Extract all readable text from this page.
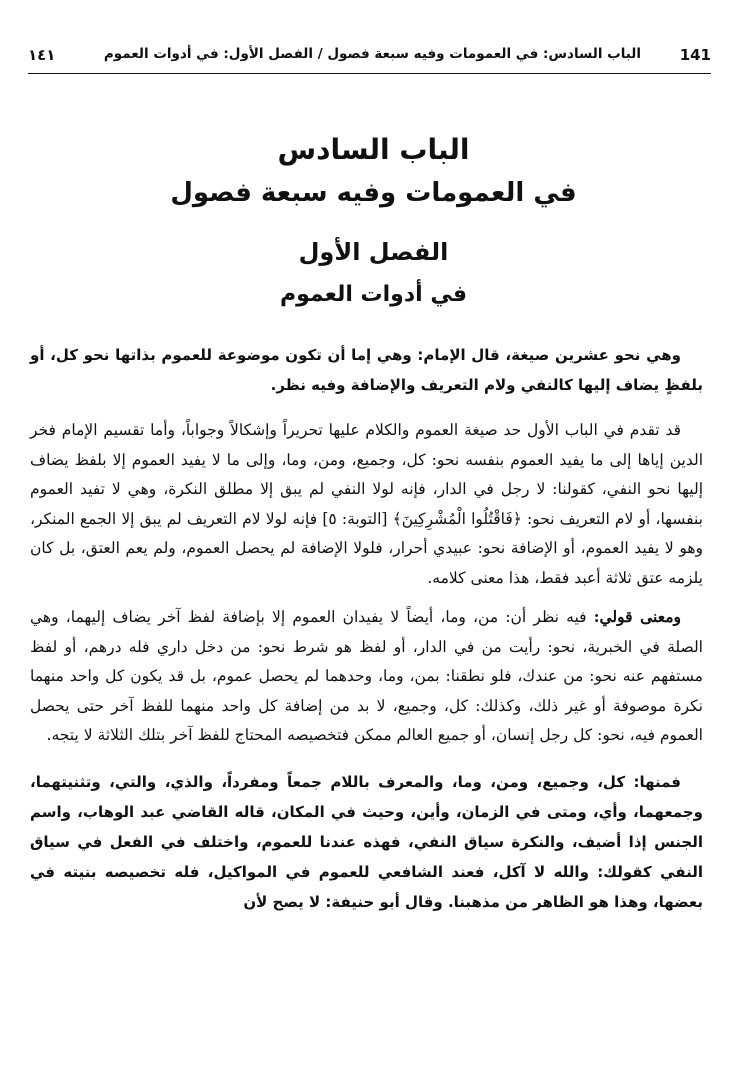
١٤١	الباب السادس: في العمومات وفيه سبعة فصول / الفصل الأول: في أدوات العموم	141
الباب السادس
في العمومات وفيه سبعة فصول
الفصل الأول
في أدوات العموم

وهي نحو عشرين صيغة، قال الإمام: وهي إما أن تكون موضوعة للعموم بذاتها نحو كل، أو بلفظٍ يضاف إليها كالنفي ولام التعريف والإضافة وفيه نظر.

قد تقدم في الباب الأول حد صيغة العموم والكلام عليها تحريراً وإشكالاً وجواباً، وأما تقسيم الإمام فخر الدين إياها إلى ما يفيد العموم بنفسه نحو: كل، وجميع، ومن، وما، وإلى ما لا يفيد العموم إلا بلفظ يضاف إليها نحو النفي، كقولنا: لا رجل في الدار، فإنه لولا النفي لم يبق إلا مطلق النكرة، وهي لا تفيد العموم بنفسها، أو لام التعريف نحو: ﴿فَاقْتُلُوا الْمُشْرِكِينَ﴾ [التوبة: ٥] فإنه لولا لام التعريف لم يبق إلا الجمع المنكر، وهو لا يفيد العموم، أو الإضافة نحو: عبيدي أحرار، فلولا الإضافة لم يحصل العموم، ولم يعم العتق، بل كان يلزمه عتق ثلاثة أعبد فقط، هذا معنى كلامه.

ومعنى قولي: فيه نظر أن: من، وما، أيضاً لا يفيدان العموم إلا بإضافة لفظ آخر يضاف إليهما، وهي الصلة في الخبرية، نحو: رأيت من في الدار، أو لفظ هو شرط نحو: من دخل داري فله درهم، أو لفظ مستفهم عنه نحو: من عندك، فلو نطقنا: بمن، وما، وحدهما لم يحصل عموم، بل قد يكون كل واحد منهما نكرة موصوفة أو غير ذلك، وكذلك: كل، وجميع، لا بد من إضافة كل واحد منهما للفظ آخر حتى يحصل العموم فيه، نحو: كل رجل إنسان، أو جميع العالم ممكن فتخصيصه المحتاج للفظ آخر بتلك الثلاثة لا يتجه.

فمنها: كل، وجميع، ومن، وما، والمعرف باللام جمعاً ومفرداً، والذي، والتي، وتثنيتهما، وجمعهما، وأي، ومتى في الزمان، وأين، وحيث في المكان، قاله القاضي عبد الوهاب، واسم الجنس إذا أضيف، والنكرة سياق النفي، فهذه عندنا للعموم، واختلف في الفعل في سياق النفي كقولك: والله لا آكل، فعند الشافعي للعموم في المواكيل، فله تخصيصه بنيته في بعضها، وهذا هو الظاهر من مذهبنا. وقال أبو حنيفة: لا يصح لأن
